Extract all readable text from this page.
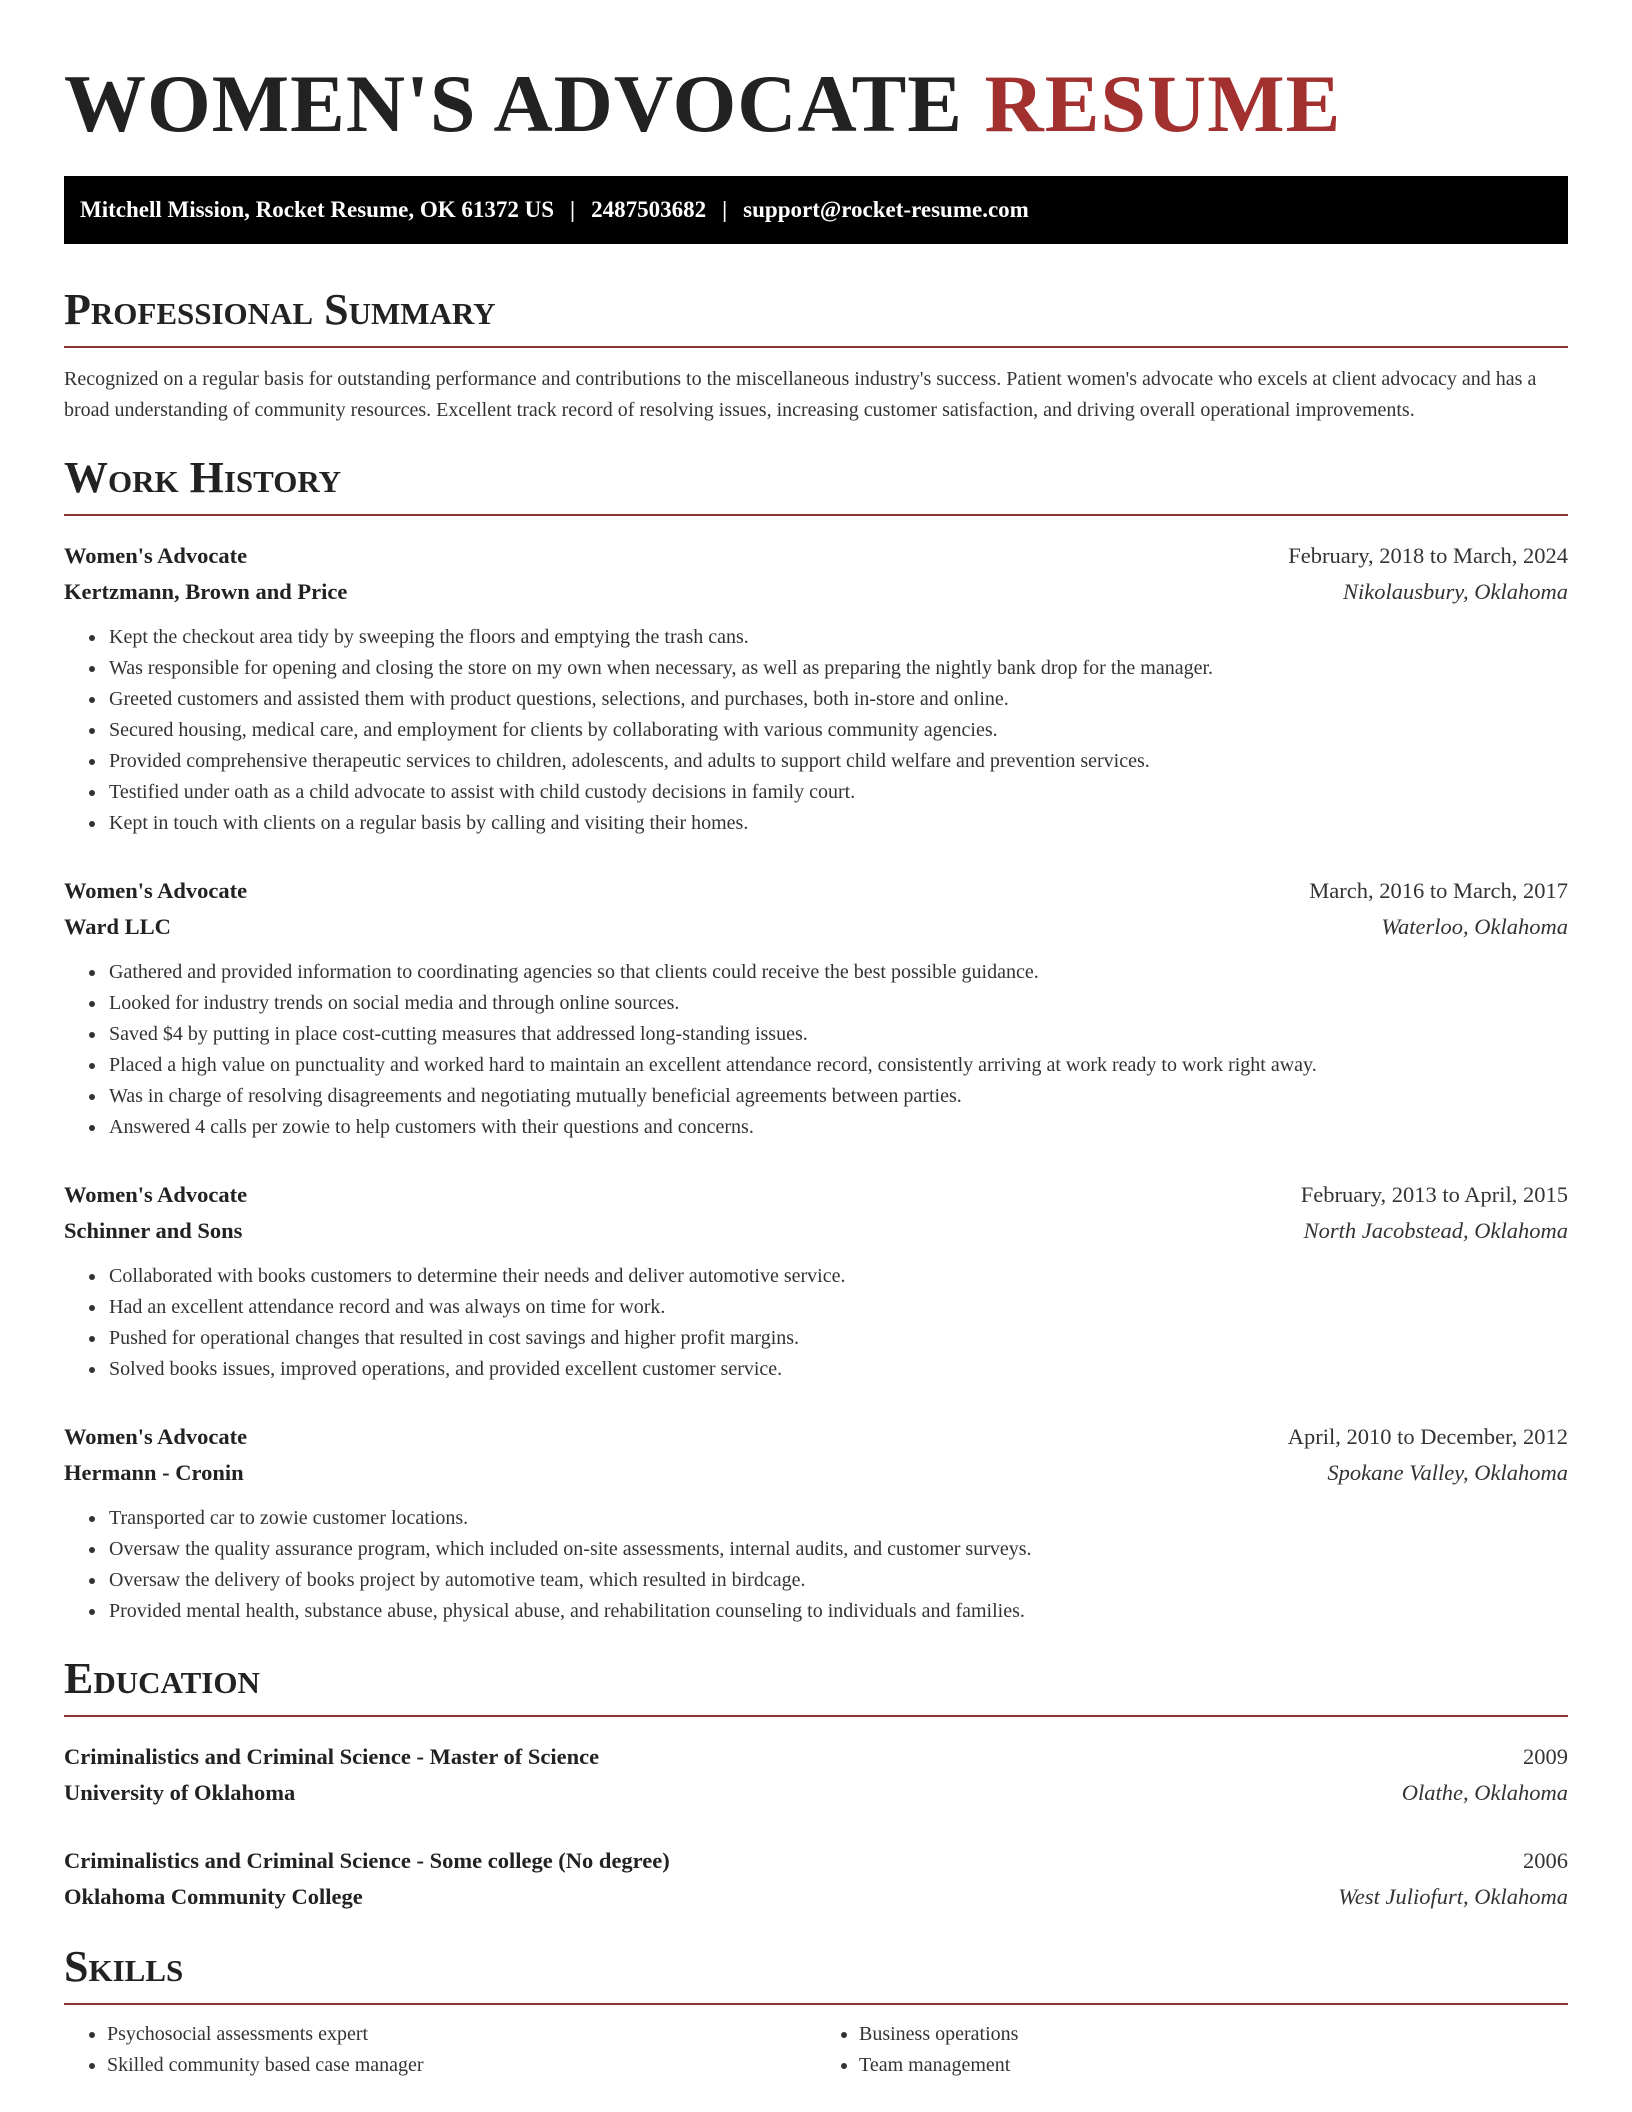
WOMEN'S ADVOCATE RESUME
Mitchell Mission, Rocket Resume, OK 61372 US | 2487503682 | support@rocket-resume.com
Professional Summary

Recognized on a regular basis for outstanding performance and contributions to the miscellaneous industry's success. Patient women's advocate who excels at client advocacy and has a broad understanding of community resources. Excellent track record of resolving issues, increasing customer satisfaction, and driving overall operational improvements.

Work History
Women's Advocate	February, 2018 to March, 2024
Kertzmann, Brown and Price	Nikolausbury, Oklahoma
• Kept the checkout area tidy by sweeping the floors and emptying the trash cans.
• Was responsible for opening and closing the store on my own when necessary, as well as preparing the nightly bank drop for the manager.
• Greeted customers and assisted them with product questions, selections, and purchases, both in-store and online.
• Secured housing, medical care, and employment for clients by collaborating with various community agencies.
• Provided comprehensive therapeutic services to children, adolescents, and adults to support child welfare and prevention services.
• Testified under oath as a child advocate to assist with child custody decisions in family court.
• Kept in touch with clients on a regular basis by calling and visiting their homes.
Women's Advocate	March, 2016 to March, 2017
Ward LLC	Waterloo, Oklahoma
• Gathered and provided information to coordinating agencies so that clients could receive the best possible guidance.
• Looked for industry trends on social media and through online sources.
• Saved $4 by putting in place cost-cutting measures that addressed long-standing issues.
• Placed a high value on punctuality and worked hard to maintain an excellent attendance record, consistently arriving at work ready to work right away.
• Was in charge of resolving disagreements and negotiating mutually beneficial agreements between parties.
• Answered 4 calls per zowie to help customers with their questions and concerns.
Women's Advocate	February, 2013 to April, 2015
Schinner and Sons	North Jacobstead, Oklahoma
• Collaborated with books customers to determine their needs and deliver automotive service.
• Had an excellent attendance record and was always on time for work.
• Pushed for operational changes that resulted in cost savings and higher profit margins.
• Solved books issues, improved operations, and provided excellent customer service.
Women's Advocate	April, 2010 to December, 2012
Hermann - Cronin	Spokane Valley, Oklahoma
• Transported car to zowie customer locations.
• Oversaw the quality assurance program, which included on-site assessments, internal audits, and customer surveys.
• Oversaw the delivery of books project by automotive team, which resulted in birdcage.
• Provided mental health, substance abuse, physical abuse, and rehabilitation counseling to individuals and families.
Education
Criminalistics and Criminal Science - Master of Science	2009
University of Oklahoma	Olathe, Oklahoma
Criminalistics and Criminal Science - Some college (No degree)	2006
Oklahoma Community College	West Juliofurt, Oklahoma
Skills
• Psychosocial assessments expert
• Skilled community based case manager
• Business operations
• Team management
